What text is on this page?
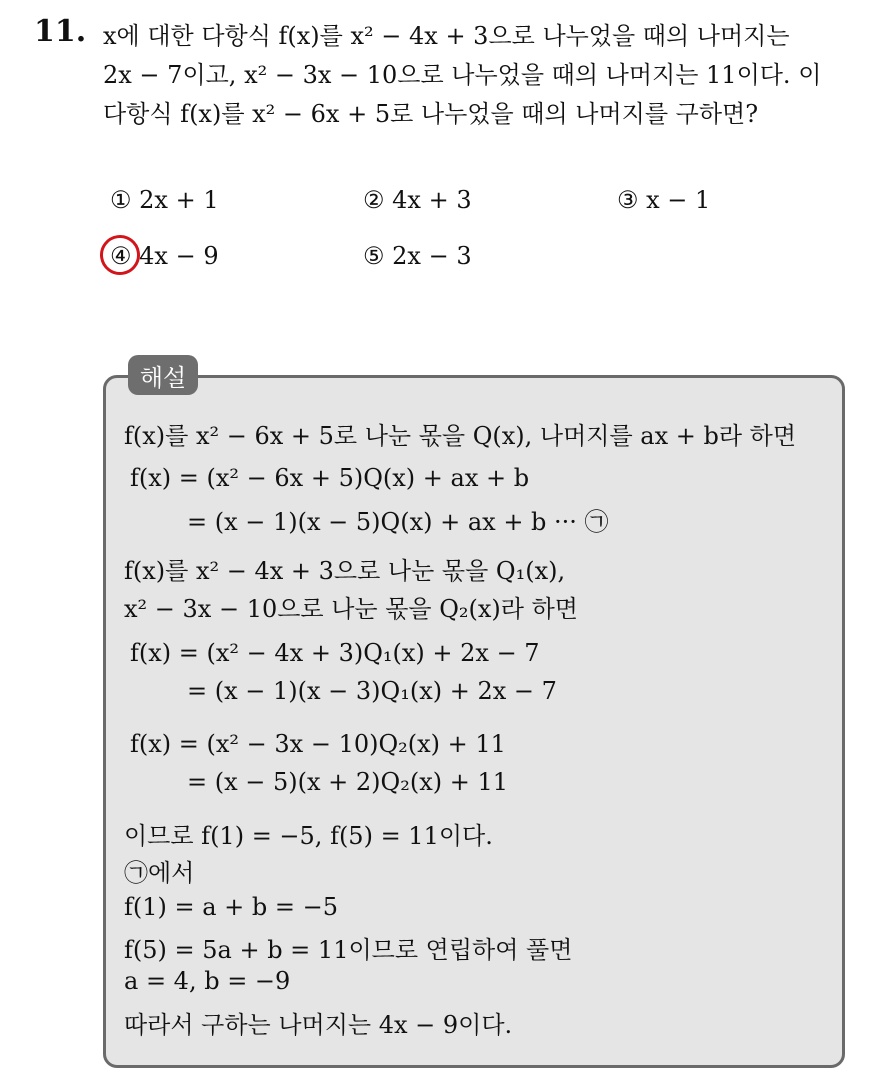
11. x에 대한 다항식 f(x)를 x² − 4x + 3으로 나누었을 때의 나머지는
2x − 7이고, x² − 3x − 10으로 나누었을 때의 나머지는 11이다. 이
다항식 f(x)를 x² − 6x + 5로 나누었을 때의 나머지를 구하면?
① 2x + 1	② 4x + 3	③ x − 1
④ 4x − 9	⑤ 2x − 3
해설
f(x)를 x² − 6x + 5로 나눈 몫을 Q(x), 나머지를 ax + b라 하면
f(x) = (x² − 6x + 5)Q(x) + ax + b
= (x − 1)(x − 5)Q(x) + ax + b ··· ㉠
f(x)를 x² − 4x + 3으로 나눈 몫을 Q₁(x),
x² − 3x − 10으로 나눈 몫을 Q₂(x)라 하면
f(x) = (x² − 4x + 3)Q₁(x) + 2x − 7
= (x − 1)(x − 3)Q₁(x) + 2x − 7
f(x) = (x² − 3x − 10)Q₂(x) + 11
= (x − 5)(x + 2)Q₂(x) + 11
이므로 f(1) = −5, f(5) = 11이다.
㉠에서
f(1) = a + b = −5
f(5) = 5a + b = 11이므로 연립하여 풀면
a = 4, b = −9
따라서 구하는 나머지는 4x − 9이다.
